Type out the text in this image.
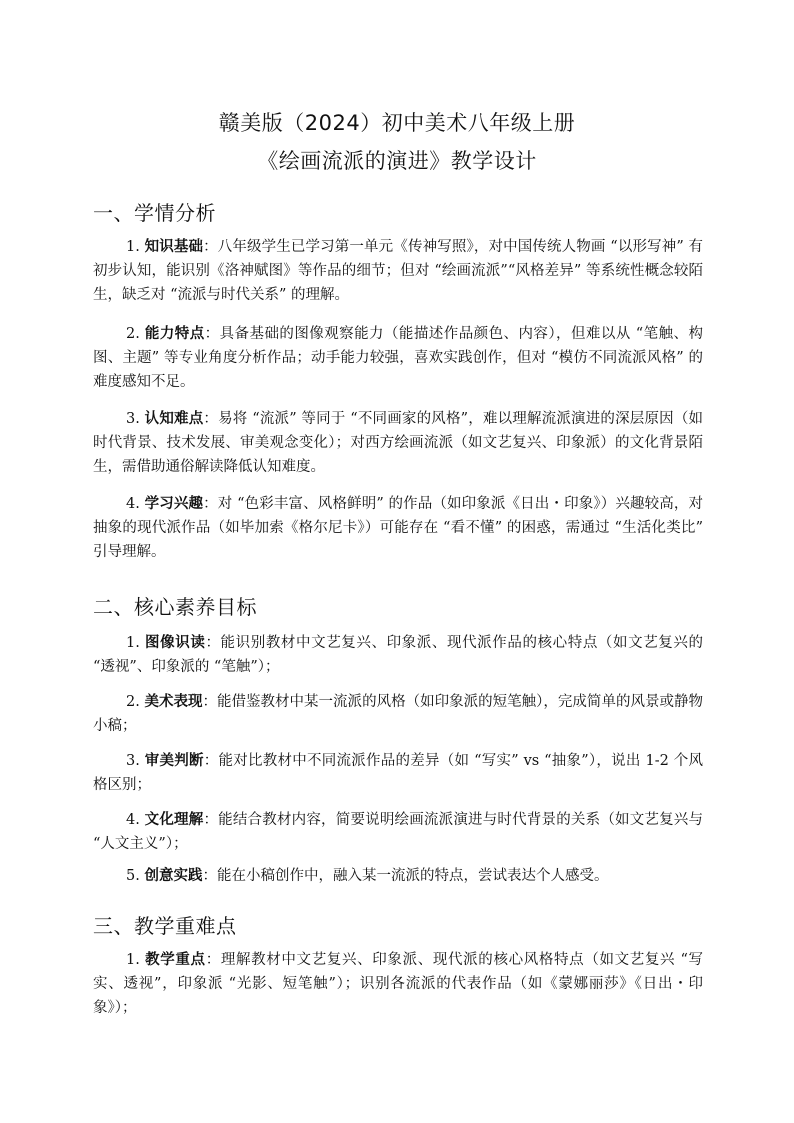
赣美版（2024）初中美术八年级上册
《绘画流派的演进》教学设计
一、学情分析
1. 知识基础：八年级学生已学习第一单元《传神写照》，对中国传统人物画 “以形写神” 有初步认知，能识别《洛神赋图》等作品的细节；但对 “绘画流派”“风格差异” 等系统性概念较陌生，缺乏对 “流派与时代关系” 的理解。
2. 能力特点：具备基础的图像观察能力（能描述作品颜色、内容），但难以从 “笔触、构图、主题” 等专业角度分析作品；动手能力较强，喜欢实践创作，但对 “模仿不同流派风格” 的难度感知不足。
3. 认知难点：易将 “流派” 等同于 “不同画家的风格”，难以理解流派演进的深层原因（如时代背景、技术发展、审美观念变化）；对西方绘画流派（如文艺复兴、印象派）的文化背景陌生，需借助通俗解读降低认知难度。
4. 学习兴趣：对 “色彩丰富、风格鲜明” 的作品（如印象派《日出・印象》）兴趣较高，对抽象的现代派作品（如毕加索《格尔尼卡》）可能存在 “看不懂” 的困惑，需通过 “生活化类比” 引导理解。
二、核心素养目标
1. 图像识读：能识别教材中文艺复兴、印象派、现代派作品的核心特点（如文艺复兴的 “透视”、印象派的 “笔触”）；
2. 美术表现：能借鉴教材中某一流派的风格（如印象派的短笔触），完成简单的风景或静物小稿；
3. 审美判断：能对比教材中不同流派作品的差异（如 “写实” vs “抽象”），说出 1-2 个风格区别；
4. 文化理解：能结合教材内容，简要说明绘画流派演进与时代背景的关系（如文艺复兴与 “人文主义”）；
5. 创意实践：能在小稿创作中，融入某一流派的特点，尝试表达个人感受。
三、教学重难点
1. 教学重点：理解教材中文艺复兴、印象派、现代派的核心风格特点（如文艺复兴 “写实、透视”，印象派 “光影、短笔触”）；识别各流派的代表作品（如《蒙娜丽莎》《日出・印象》）；
